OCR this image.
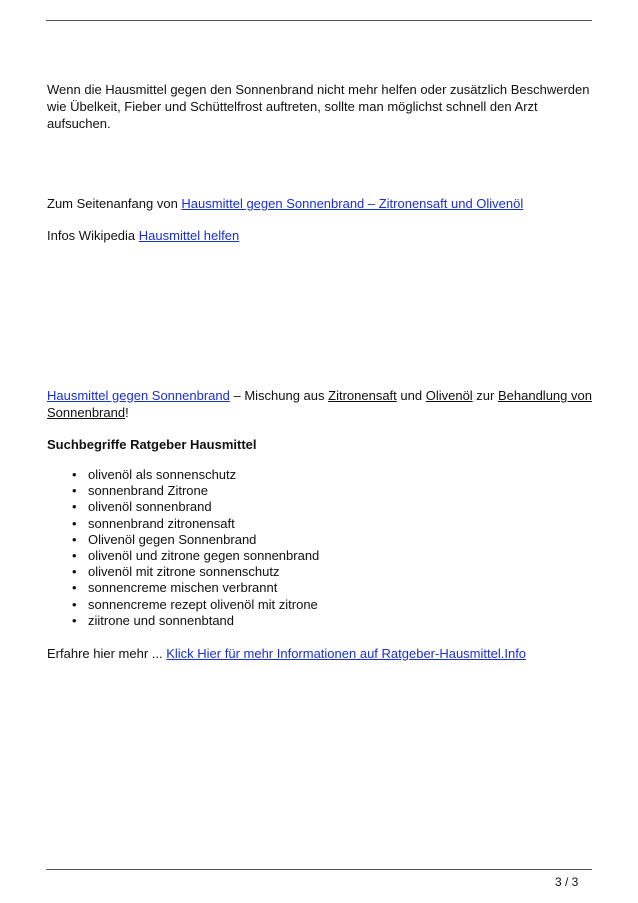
Wenn die Hausmittel gegen den Sonnenbrand nicht mehr helfen oder zusätzlich Beschwerden wie Übelkeit, Fieber und Schüttelfrost auftreten, sollte man möglichst schnell den Arzt aufsuchen.

Zum Seitenanfang von Hausmittel gegen Sonnenbrand – Zitronensaft und Olivenöl

Infos Wikipedia Hausmittel helfen

Hausmittel gegen Sonnenbrand – Mischung aus Zitronensaft und Olivenöl zur Behandlung von Sonnenbrand!

Suchbegriffe Ratgeber Hausmittel

• olivenöl als sonnenschutz
• sonnenbrand Zitrone
• olivenöl sonnenbrand
• sonnenbrand zitronensaft
• Olivenöl gegen Sonnenbrand
• olivenöl und zitrone gegen sonnenbrand
• olivenöl mit zitrone sonnenschutz
• sonnencreme mischen verbrannt
• sonnencreme rezept olivenöl mit zitrone
• ziitrone und sonnenbtand

Erfahre hier mehr ... Klick Hier für mehr Informationen auf Ratgeber-Hausmittel.Info

3 / 3
